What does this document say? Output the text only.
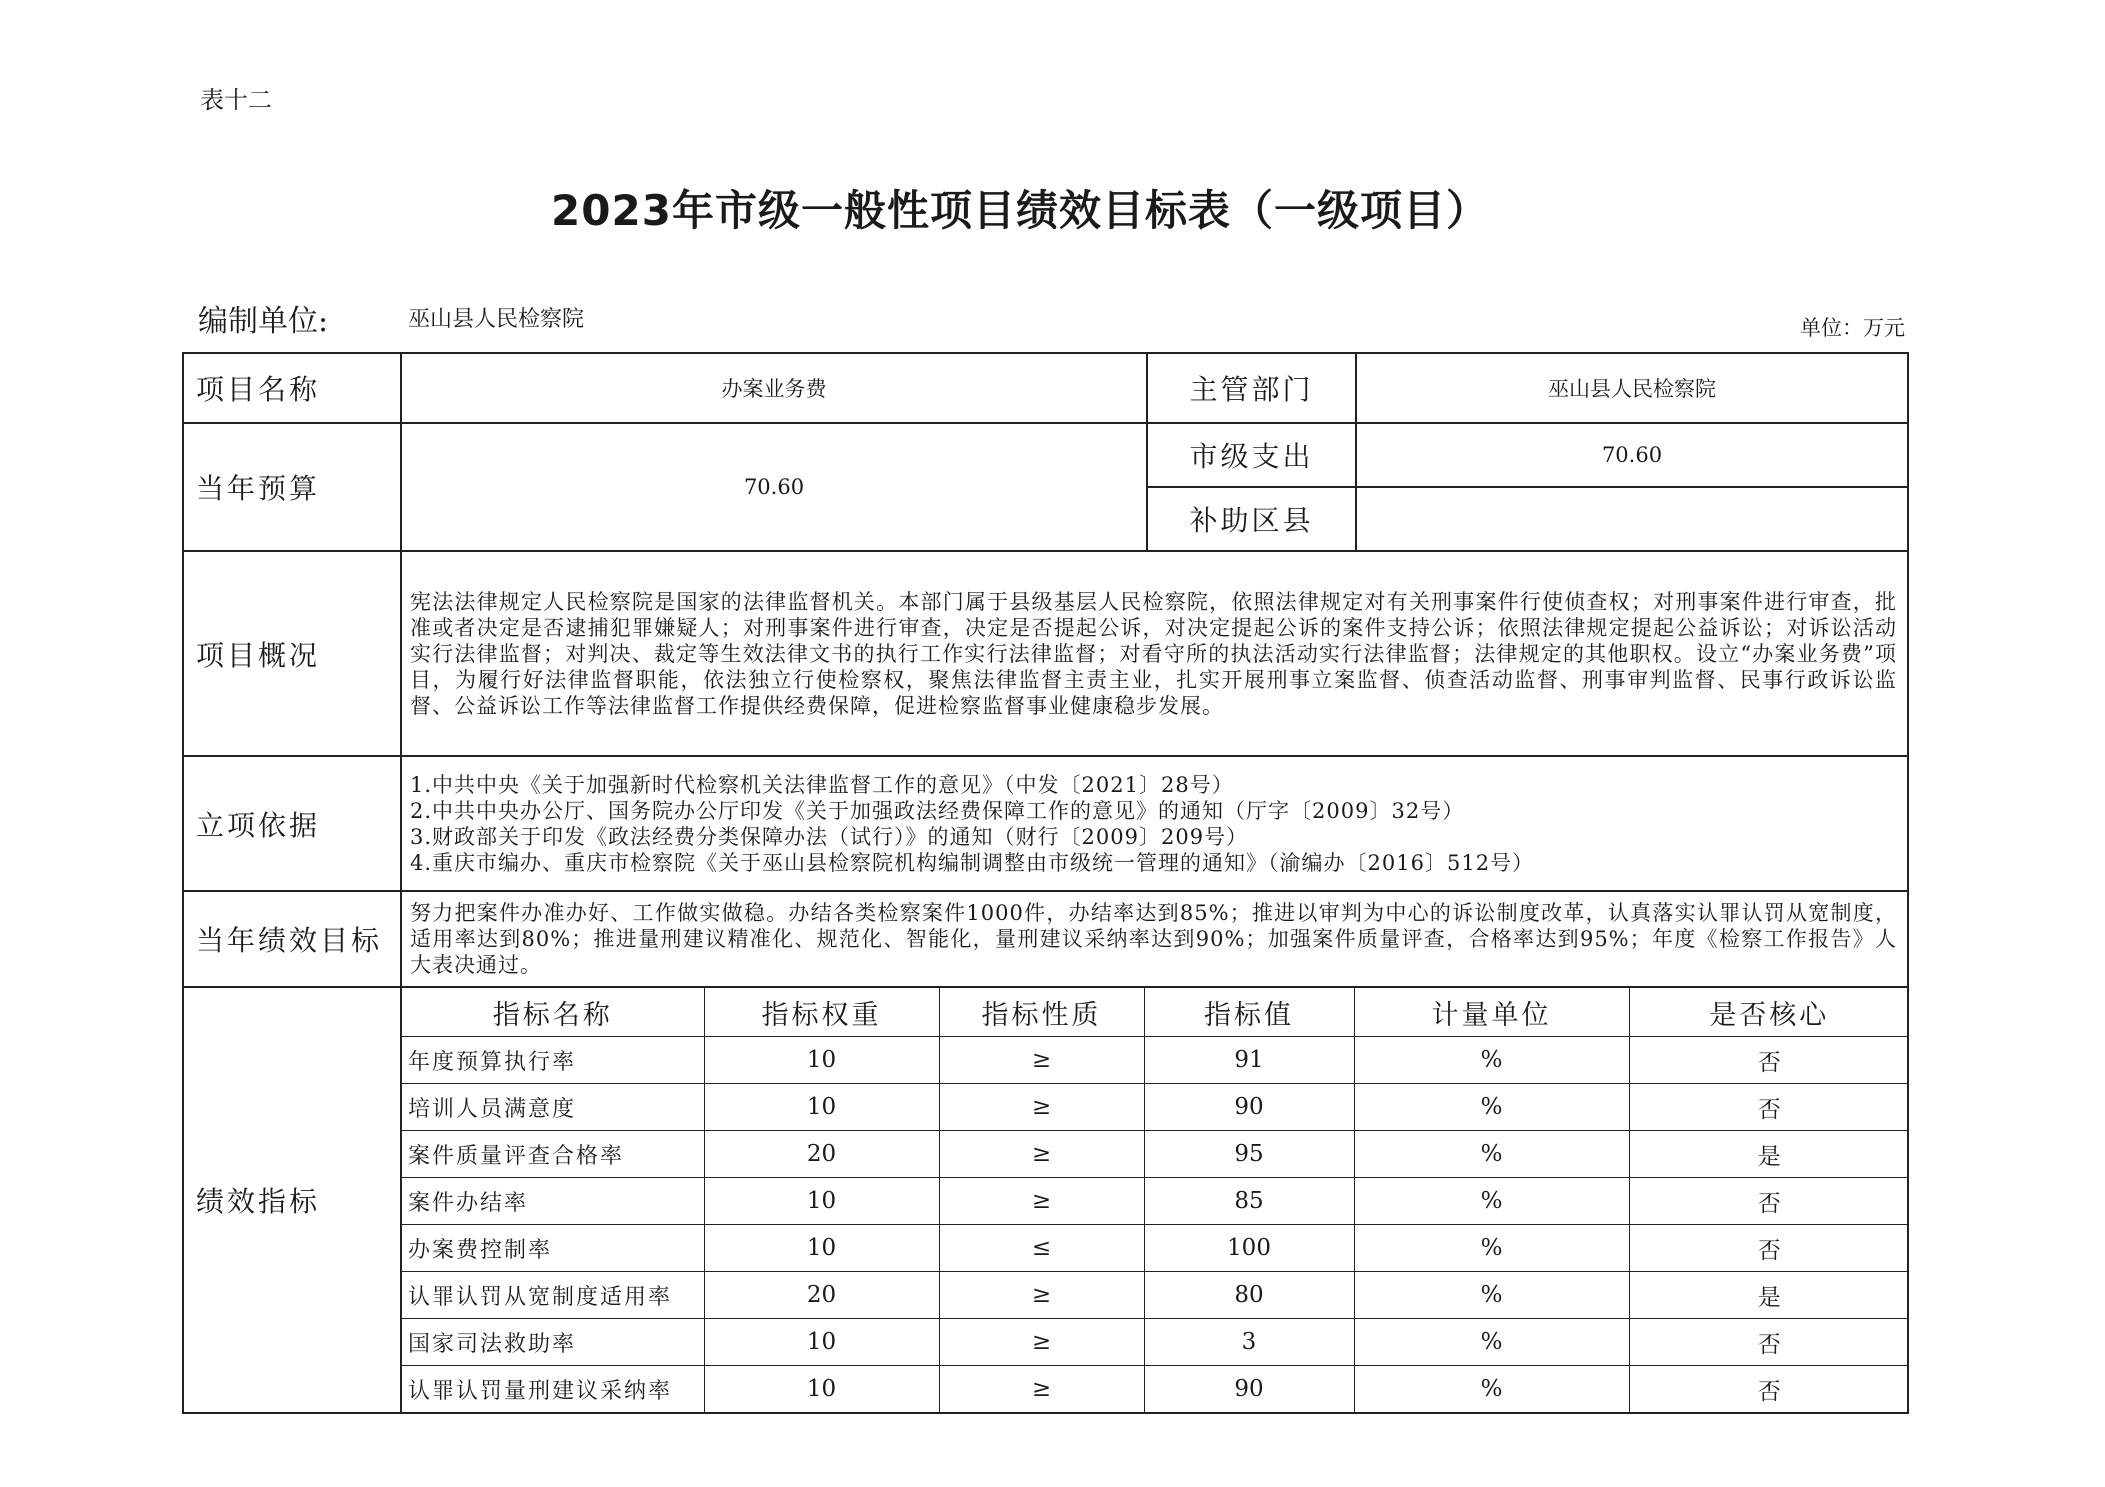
表十二
2023年市级一般性项目绩效目标表（一级项目）
编制单位:	巫山县人民检察院	单位：万元
项目名称	办案业务费	主管部门	巫山县人民检察院
当年预算	70.60	市级支出	70.60
补助区县	
项目概况	宪法法律规定人民检察院是国家的法律监督机关。本部门属于县级基层人民检察院，依照法律规定对有关刑事案件行使侦查权；对刑事案件进行审查，批准或者决定是否逮捕犯罪嫌疑人；对刑事案件进行审查，决定是否提起公诉，对决定提起公诉的案件支持公诉；依照法律规定提起公益诉讼；对诉讼活动实行法律监督；对判决、裁定等生效法律文书的执行工作实行法律监督；对看守所的执法活动实行法律监督；法律规定的其他职权。设立“办案业务费”项目，为履行好法律监督职能，依法独立行使检察权，聚焦法律监督主责主业，扎实开展刑事立案监督、侦查活动监督、刑事审判监督、民事行政诉讼监督、公益诉讼工作等法律监督工作提供经费保障，促进检察监督事业健康稳步发展。
立项依据	
1.中共中央《关于加强新时代检察机关法律监督工作的意见》（中发〔2021〕28号）
2.中共中央办公厅、国务院办公厅印发《关于加强政法经费保障工作的意见》的通知（厅字〔2009〕32号）
3.财政部关于印发《政法经费分类保障办法（试行）》的通知（财行〔2009〕209号）
4.重庆市编办、重庆市检察院《关于巫山县检察院机构编制调整由市级统一管理的通知》（渝编办〔2016〕512号）

当年绩效目标	努力把案件办准办好、工作做实做稳。办结各类检察案件1000件，办结率达到85%；推进以审判为中心的诉讼制度改革，认真落实认罪认罚从宽制度，适用率达到80%；推进量刑建议精准化、规范化、智能化，量刑建议采纳率达到90%；加强案件质量评查，合格率达到95%；年度《检察工作报告》人大表决通过。
绩效指标	
指标名称	指标权重	指标性质	指标值	计量单位	是否核心
年度预算执行率	10	≥	91	%	否
培训人员满意度	10	≥	90	%	否
案件质量评查合格率	20	≥	95	%	是
案件办结率	10	≥	85	%	否
办案费控制率	10	≤	100	%	否
认罪认罚从宽制度适用率	20	≥	80	%	是
国家司法救助率	10	≥	3	%	否
认罪认罚量刑建议采纳率	10	≥	90	%	否
